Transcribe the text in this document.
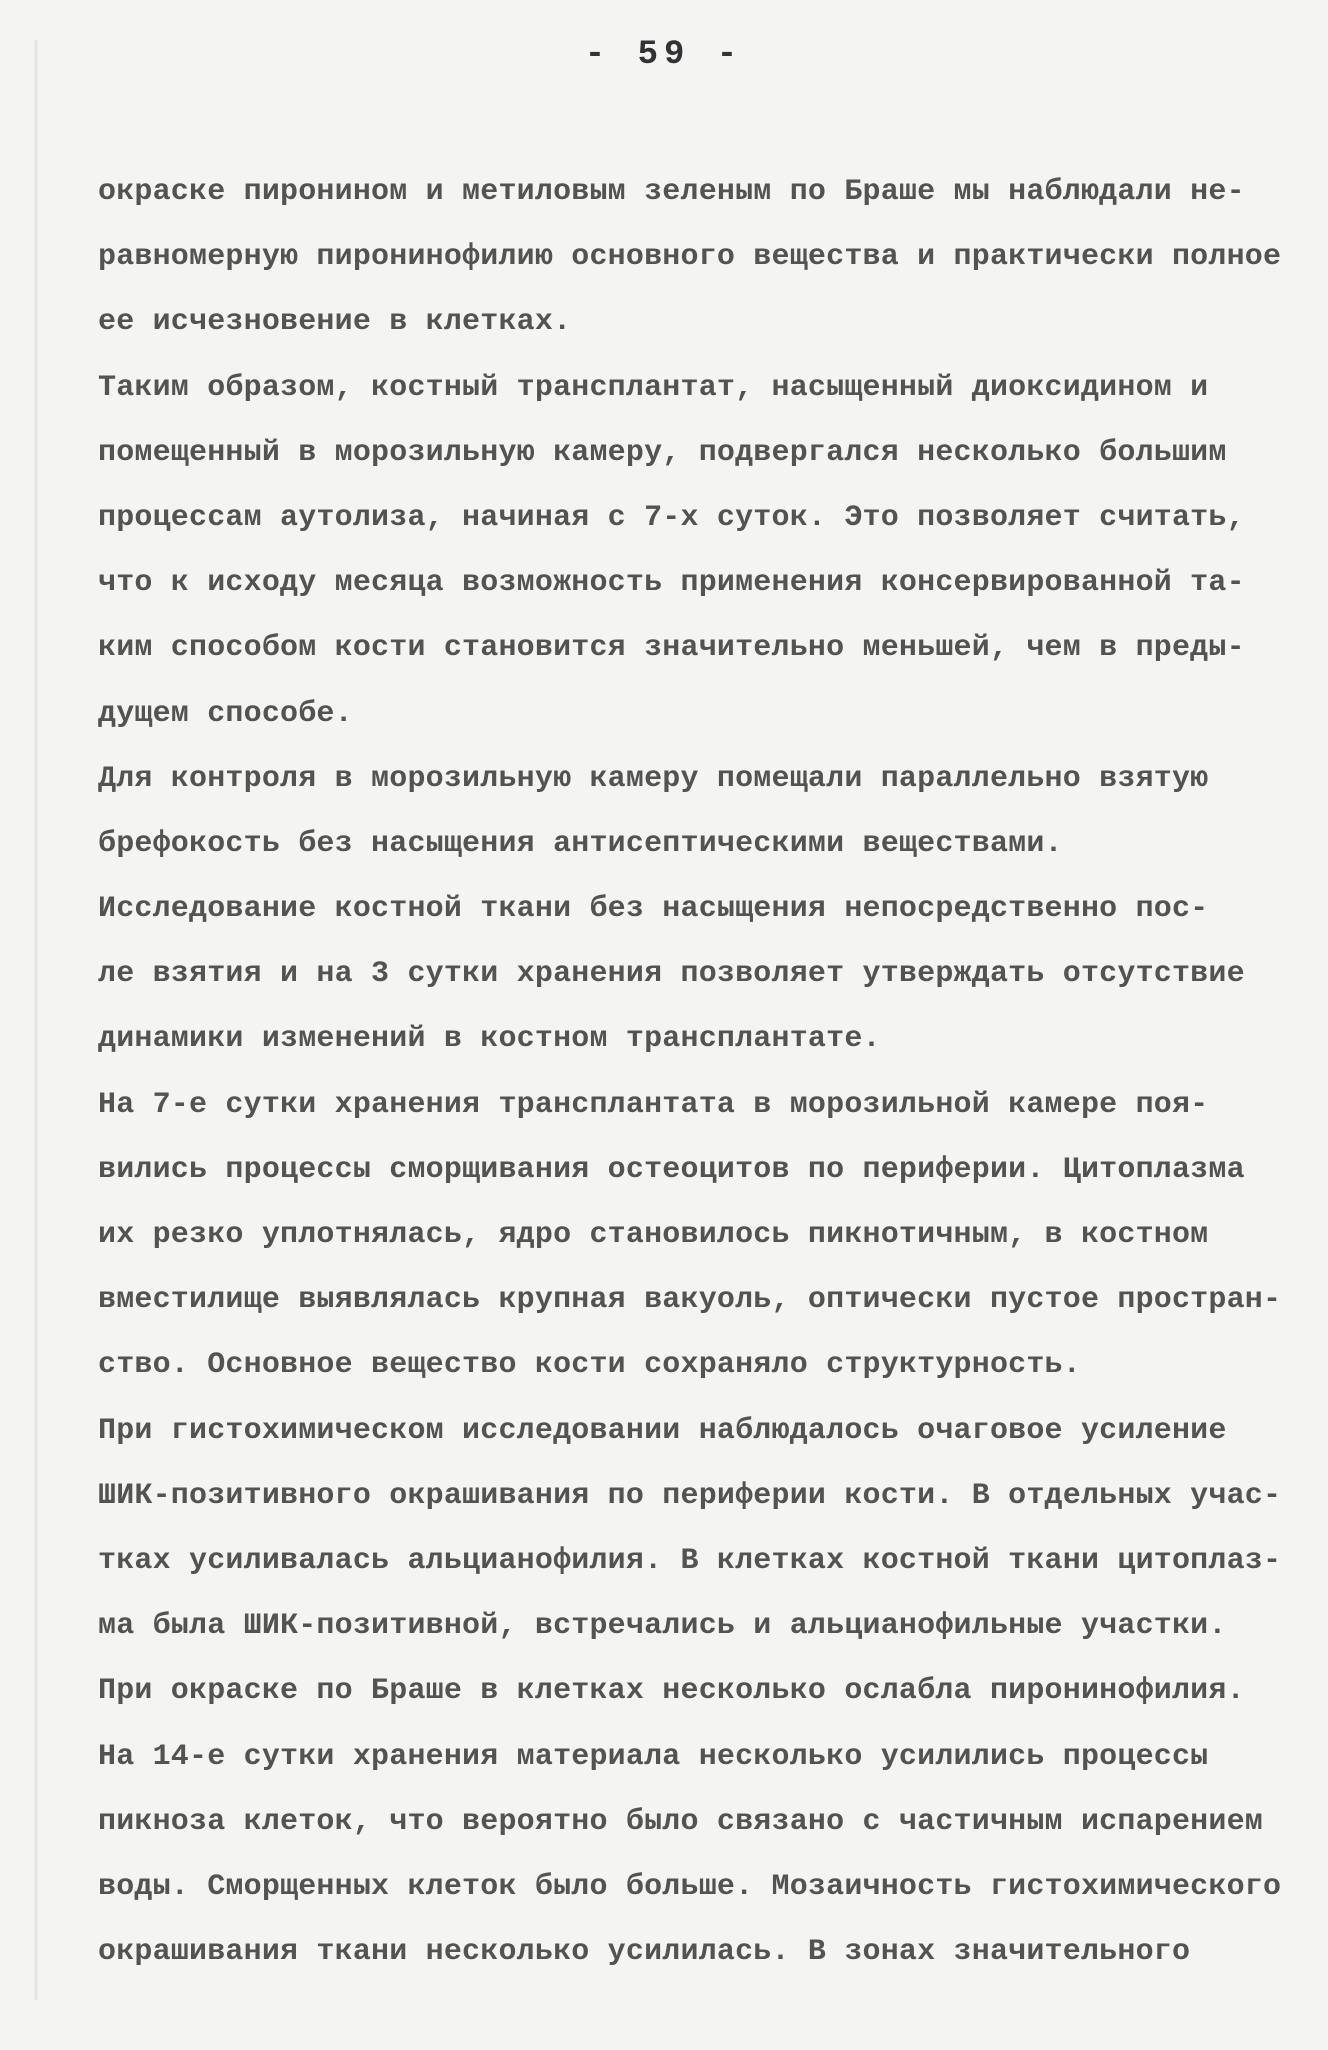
- 59 -
окраске пиронином и метиловым зеленым по Браше мы наблюдали не-
равномерную пиронинофилию основного вещества и практически полное
ее исчезновение в клетках.
Таким образом, костный трансплантат, насыщенный диоксидином и
помещенный в морозильную камеру, подвергался несколько большим
процессам аутолиза, начиная с 7-х суток. Это позволяет считать,
что к исходу месяца возможность применения консервированной та-
ким способом кости становится значительно меньшей, чем в преды-
дущем способе.
Для контроля в морозильную камеру помещали параллельно взятую
брефокость без насыщения антисептическими веществами.
Исследование костной ткани без насыщения непосредственно пос-
ле взятия и на 3 сутки хранения позволяет утверждать отсутствие
динамики изменений в костном трансплантате.
На 7-е сутки хранения трансплантата в морозильной камере поя-
вились процессы сморщивания остеоцитов по периферии. Цитоплазма
их резко уплотнялась, ядро становилось пикнотичным, в костном
вместилище выявлялась крупная вакуоль, оптически пустое простран-
ство. Основное вещество кости сохраняло структурность.
При гистохимическом исследовании наблюдалось очаговое усиление
ШИК-позитивного окрашивания по периферии кости. В отдельных учас-
тках усиливалась альцианофилия. В клетках костной ткани цитоплаз-
ма была ШИК-позитивной, встречались и альцианофильные участки.
При окраске по Браше в клетках несколько ослабла пиронинофилия.
На 14-е сутки хранения материала несколько усилились процессы
пикноза клеток, что вероятно было связано с частичным испарением
воды. Сморщенных клеток было больше. Мозаичность гистохимического
окрашивания ткани несколько усилилась. В зонах значительного
